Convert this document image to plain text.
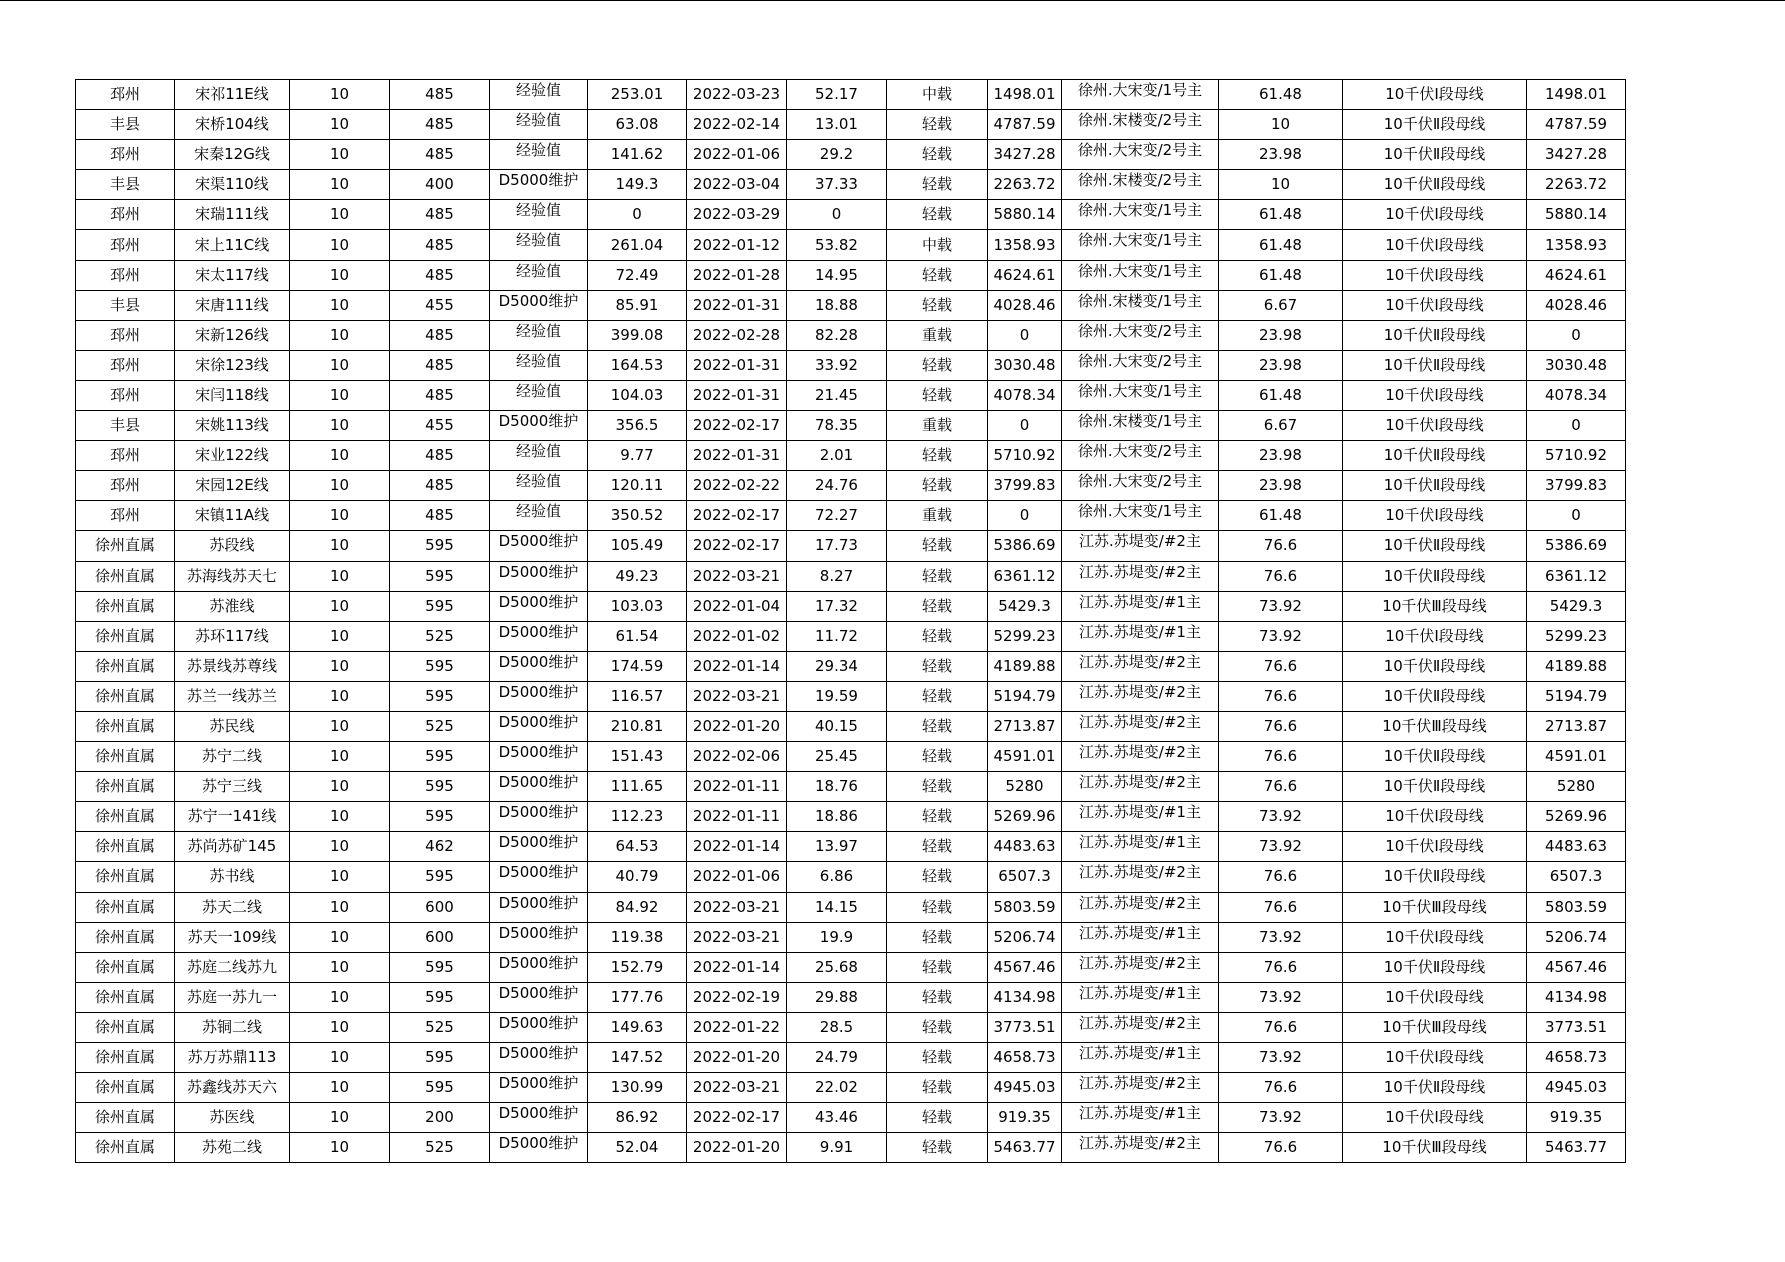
邳州	宋祁11E线	10	485	经验值	253.01	2022-03-23	52.17	中载	1498.01	徐州.大宋变/1号主	61.48	10千伏Ⅰ段母线	1498.01
丰县	宋桥104线	10	485	经验值	63.08	2022-02-14	13.01	轻载	4787.59	徐州.宋楼变/2号主	10	10千伏Ⅱ段母线	4787.59
邳州	宋秦12G线	10	485	经验值	141.62	2022-01-06	29.2	轻载	3427.28	徐州.大宋变/2号主	23.98	10千伏Ⅱ段母线	3427.28
丰县	宋渠110线	10	400	D5000维护	149.3	2022-03-04	37.33	轻载	2263.72	徐州.宋楼变/2号主	10	10千伏Ⅱ段母线	2263.72
邳州	宋瑞111线	10	485	经验值	0	2022-03-29	0	轻载	5880.14	徐州.大宋变/1号主	61.48	10千伏Ⅰ段母线	5880.14
邳州	宋上11C线	10	485	经验值	261.04	2022-01-12	53.82	中载	1358.93	徐州.大宋变/1号主	61.48	10千伏Ⅰ段母线	1358.93
邳州	宋太117线	10	485	经验值	72.49	2022-01-28	14.95	轻载	4624.61	徐州.大宋变/1号主	61.48	10千伏Ⅰ段母线	4624.61
丰县	宋唐111线	10	455	D5000维护	85.91	2022-01-31	18.88	轻载	4028.46	徐州.宋楼变/1号主	6.67	10千伏Ⅰ段母线	4028.46
邳州	宋新126线	10	485	经验值	399.08	2022-02-28	82.28	重载	0	徐州.大宋变/2号主	23.98	10千伏Ⅱ段母线	0
邳州	宋徐123线	10	485	经验值	164.53	2022-01-31	33.92	轻载	3030.48	徐州.大宋变/2号主	23.98	10千伏Ⅱ段母线	3030.48
邳州	宋闫118线	10	485	经验值	104.03	2022-01-31	21.45	轻载	4078.34	徐州.大宋变/1号主	61.48	10千伏Ⅰ段母线	4078.34
丰县	宋姚113线	10	455	D5000维护	356.5	2022-02-17	78.35	重载	0	徐州.宋楼变/1号主	6.67	10千伏Ⅰ段母线	0
邳州	宋业122线	10	485	经验值	9.77	2022-01-31	2.01	轻载	5710.92	徐州.大宋变/2号主	23.98	10千伏Ⅱ段母线	5710.92
邳州	宋园12E线	10	485	经验值	120.11	2022-02-22	24.76	轻载	3799.83	徐州.大宋变/2号主	23.98	10千伏Ⅱ段母线	3799.83
邳州	宋镇11A线	10	485	经验值	350.52	2022-02-17	72.27	重载	0	徐州.大宋变/1号主	61.48	10千伏Ⅰ段母线	0
徐州直属	苏段线	10	595	D5000维护	105.49	2022-02-17	17.73	轻载	5386.69	江苏.苏堤变/#2主	76.6	10千伏Ⅱ段母线	5386.69
徐州直属	苏海线苏天七	10	595	D5000维护	49.23	2022-03-21	8.27	轻载	6361.12	江苏.苏堤变/#2主	76.6	10千伏Ⅱ段母线	6361.12
徐州直属	苏淮线	10	595	D5000维护	103.03	2022-01-04	17.32	轻载	5429.3	江苏.苏堤变/#1主	73.92	10千伏Ⅲ段母线	5429.3
徐州直属	苏环117线	10	525	D5000维护	61.54	2022-01-02	11.72	轻载	5299.23	江苏.苏堤变/#1主	73.92	10千伏Ⅰ段母线	5299.23
徐州直属	苏景线苏尊线	10	595	D5000维护	174.59	2022-01-14	29.34	轻载	4189.88	江苏.苏堤变/#2主	76.6	10千伏Ⅱ段母线	4189.88
徐州直属	苏兰一线苏兰	10	595	D5000维护	116.57	2022-03-21	19.59	轻载	5194.79	江苏.苏堤变/#2主	76.6	10千伏Ⅱ段母线	5194.79
徐州直属	苏民线	10	525	D5000维护	210.81	2022-01-20	40.15	轻载	2713.87	江苏.苏堤变/#2主	76.6	10千伏Ⅲ段母线	2713.87
徐州直属	苏宁二线	10	595	D5000维护	151.43	2022-02-06	25.45	轻载	4591.01	江苏.苏堤变/#2主	76.6	10千伏Ⅱ段母线	4591.01
徐州直属	苏宁三线	10	595	D5000维护	111.65	2022-01-11	18.76	轻载	5280	江苏.苏堤变/#2主	76.6	10千伏Ⅱ段母线	5280
徐州直属	苏宁一141线	10	595	D5000维护	112.23	2022-01-11	18.86	轻载	5269.96	江苏.苏堤变/#1主	73.92	10千伏Ⅰ段母线	5269.96
徐州直属	苏尚苏矿145	10	462	D5000维护	64.53	2022-01-14	13.97	轻载	4483.63	江苏.苏堤变/#1主	73.92	10千伏Ⅰ段母线	4483.63
徐州直属	苏书线	10	595	D5000维护	40.79	2022-01-06	6.86	轻载	6507.3	江苏.苏堤变/#2主	76.6	10千伏Ⅱ段母线	6507.3
徐州直属	苏天二线	10	600	D5000维护	84.92	2022-03-21	14.15	轻载	5803.59	江苏.苏堤变/#2主	76.6	10千伏Ⅲ段母线	5803.59
徐州直属	苏天一109线	10	600	D5000维护	119.38	2022-03-21	19.9	轻载	5206.74	江苏.苏堤变/#1主	73.92	10千伏Ⅰ段母线	5206.74
徐州直属	苏庭二线苏九	10	595	D5000维护	152.79	2022-01-14	25.68	轻载	4567.46	江苏.苏堤变/#2主	76.6	10千伏Ⅱ段母线	4567.46
徐州直属	苏庭一苏九一	10	595	D5000维护	177.76	2022-02-19	29.88	轻载	4134.98	江苏.苏堤变/#1主	73.92	10千伏Ⅰ段母线	4134.98
徐州直属	苏铜二线	10	525	D5000维护	149.63	2022-01-22	28.5	轻载	3773.51	江苏.苏堤变/#2主	76.6	10千伏Ⅲ段母线	3773.51
徐州直属	苏万苏鼎113	10	595	D5000维护	147.52	2022-01-20	24.79	轻载	4658.73	江苏.苏堤变/#1主	73.92	10千伏Ⅰ段母线	4658.73
徐州直属	苏鑫线苏天六	10	595	D5000维护	130.99	2022-03-21	22.02	轻载	4945.03	江苏.苏堤变/#2主	76.6	10千伏Ⅱ段母线	4945.03
徐州直属	苏医线	10	200	D5000维护	86.92	2022-02-17	43.46	轻载	919.35	江苏.苏堤变/#1主	73.92	10千伏Ⅰ段母线	919.35
徐州直属	苏苑二线	10	525	D5000维护	52.04	2022-01-20	9.91	轻载	5463.77	江苏.苏堤变/#2主	76.6	10千伏Ⅲ段母线	5463.77
